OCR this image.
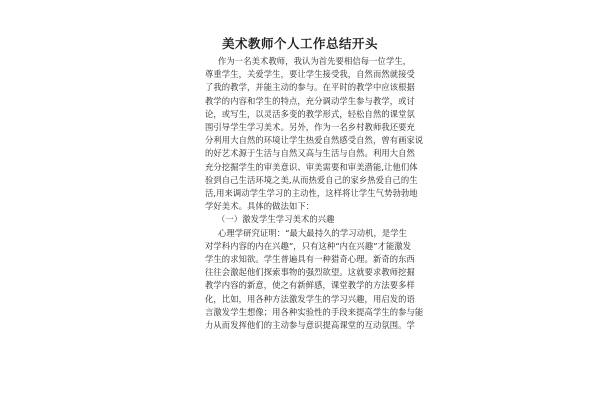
美术教师个人工作总结开头
作为一名美术教师，我认为首先要相信每一位学生，
尊重学生，关爱学生，要让学生接受我，自然而然就接受
了我的教学，并能主动的参与。在平时的教学中应该根据
教学的内容和学生的特点，充分调动学生参与教学，或讨
论，或写生，以灵活多变的教学形式，轻松自然的课堂氛
围引导学生学习美术。另外，作为一名乡村教师我还要充
分利用大自然的环境让学生热爱自然感受自然，曾有画家说
的好艺术源于生活与自然又高与生活与自然。利用大自然
充分挖掘学生的审美意识、审美需要和审美潜能,让他们体
验到自己生活环境之美,从而热爱自己的家乡热爱自己的生
活,用来调动学生学习的主动性，这样将让学生气势勃勃地
学好美术。具体的做法如下：
（一）激发学生学习美术的兴趣
心理学研究证明：“最大最持久的学习动机，是学生
对学科内容的内在兴趣”，只有这种“内在兴趣”才能激发
学生的求知欲。学生普遍具有一种猎奇心理。新奇的东西
往往会激起他们探索事物的强烈欲望。这就要求教师挖掘
教学内容的新意，使之有新鲜感，课堂教学的方法要多样
化，比如，用各种方法激发学生的学习兴趣，用启发的语
言激发学生想像；用各种实验性的手段来提高学生的参与能
力从而发挥他们的主动参与意识提高课堂的互动氛围。学
